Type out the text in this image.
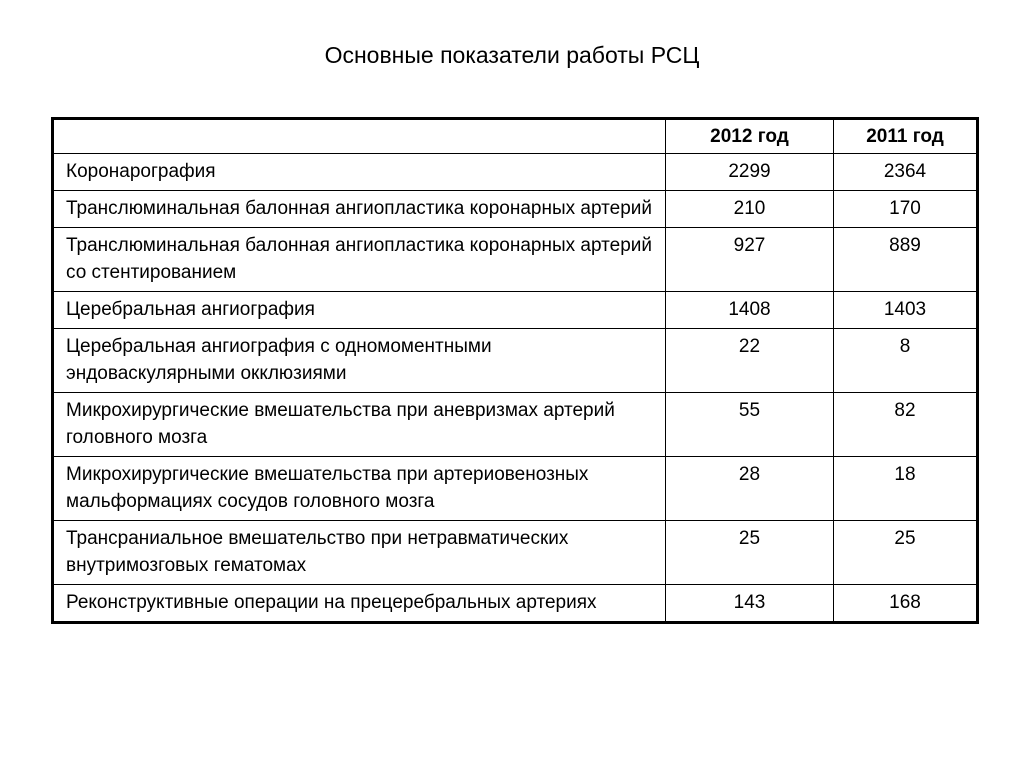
Основные показатели работы РСЦ
	2012 год	2011 год
Коронарография	2299	2364
Транслюминальная балонная ангиопластика коронарных артерий	210	170
Транслюминальная балонная ангиопластика коронарных артерий со стентированием	927	889
Церебральная ангиография	1408	1403
Церебральная ангиография с одномоментными эндоваскулярными окклюзиями	22	8
Микрохирургические вмешательства при аневризмах артерий головного мозга	55	82
Микрохирургические вмешательства при артериовенозных мальформациях сосудов головного мозга	28	18
Трансраниальное вмешательство при нетравматических внутримозговых гематомах	25	25
Реконструктивные операции на прецеребральных артериях	143	168
